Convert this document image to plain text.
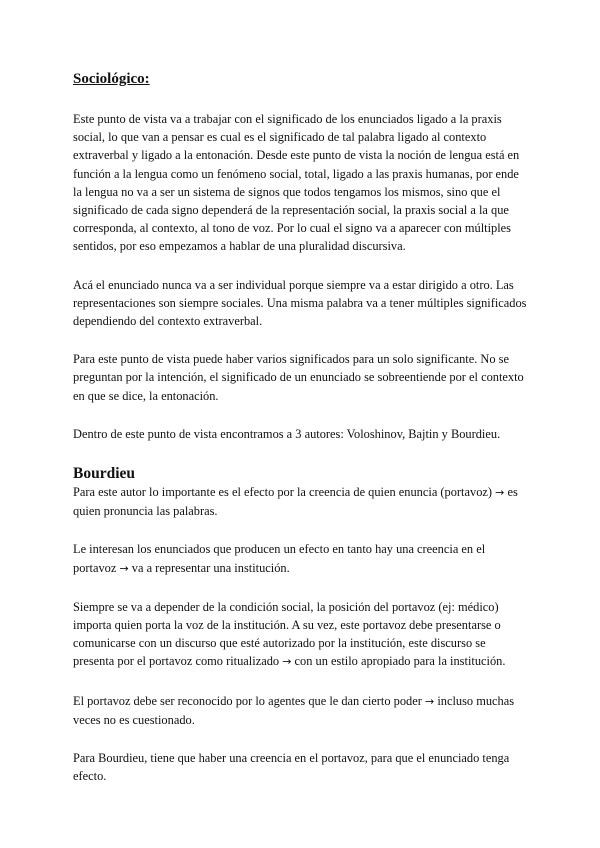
Sociológico:

Este punto de vista va a trabajar con el significado de los enunciados ligado a la praxis social, lo que van a pensar es cual es el significado de tal palabra ligado al contexto extraverbal y ligado a la entonación. Desde este punto de vista la noción de lengua está en función a la lengua como un fenómeno social, total, ligado a las praxis humanas, por ende la lengua no va a ser un sistema de signos que todos tengamos los mismos, sino que el significado de cada signo dependerá de la representación social, la praxis social a la que corresponda, al contexto, al tono de voz. Por lo cual el signo va a aparecer con múltiples sentidos, por eso empezamos a hablar de una pluralidad discursiva.

Acá el enunciado nunca va a ser individual porque siempre va a estar dirigido a otro. Las representaciones son siempre sociales. Una misma palabra va a tener múltiples significados dependiendo del contexto extraverbal.

Para este punto de vista puede haber varios significados para un solo significante. No se preguntan por la intención, el significado de un enunciado se sobreentiende por el contexto en que se dice, la entonación.

Dentro de este punto de vista encontramos a 3 autores: Voloshinov, Bajtin y Bourdieu.

Bourdieu

Para este autor lo importante es el efecto por la creencia de quien enuncia (portavoz) → es quien pronuncia las palabras.

Le interesan los enunciados que producen un efecto en tanto hay una creencia en el portavoz → va a representar una institución.

Siempre se va a depender de la condición social, la posición del portavoz (ej: médico) importa quien porta la voz de la institución. A su vez, este portavoz debe presentarse o comunicarse con un discurso que esté autorizado por la institución, este discurso se presenta por el portavoz como ritualizado → con un estilo apropiado para la institución.

El portavoz debe ser reconocido por lo agentes que le dan cierto poder → incluso muchas veces no es cuestionado.

Para Bourdieu, tiene que haber una creencia en el portavoz, para que el enunciado tenga efecto.
